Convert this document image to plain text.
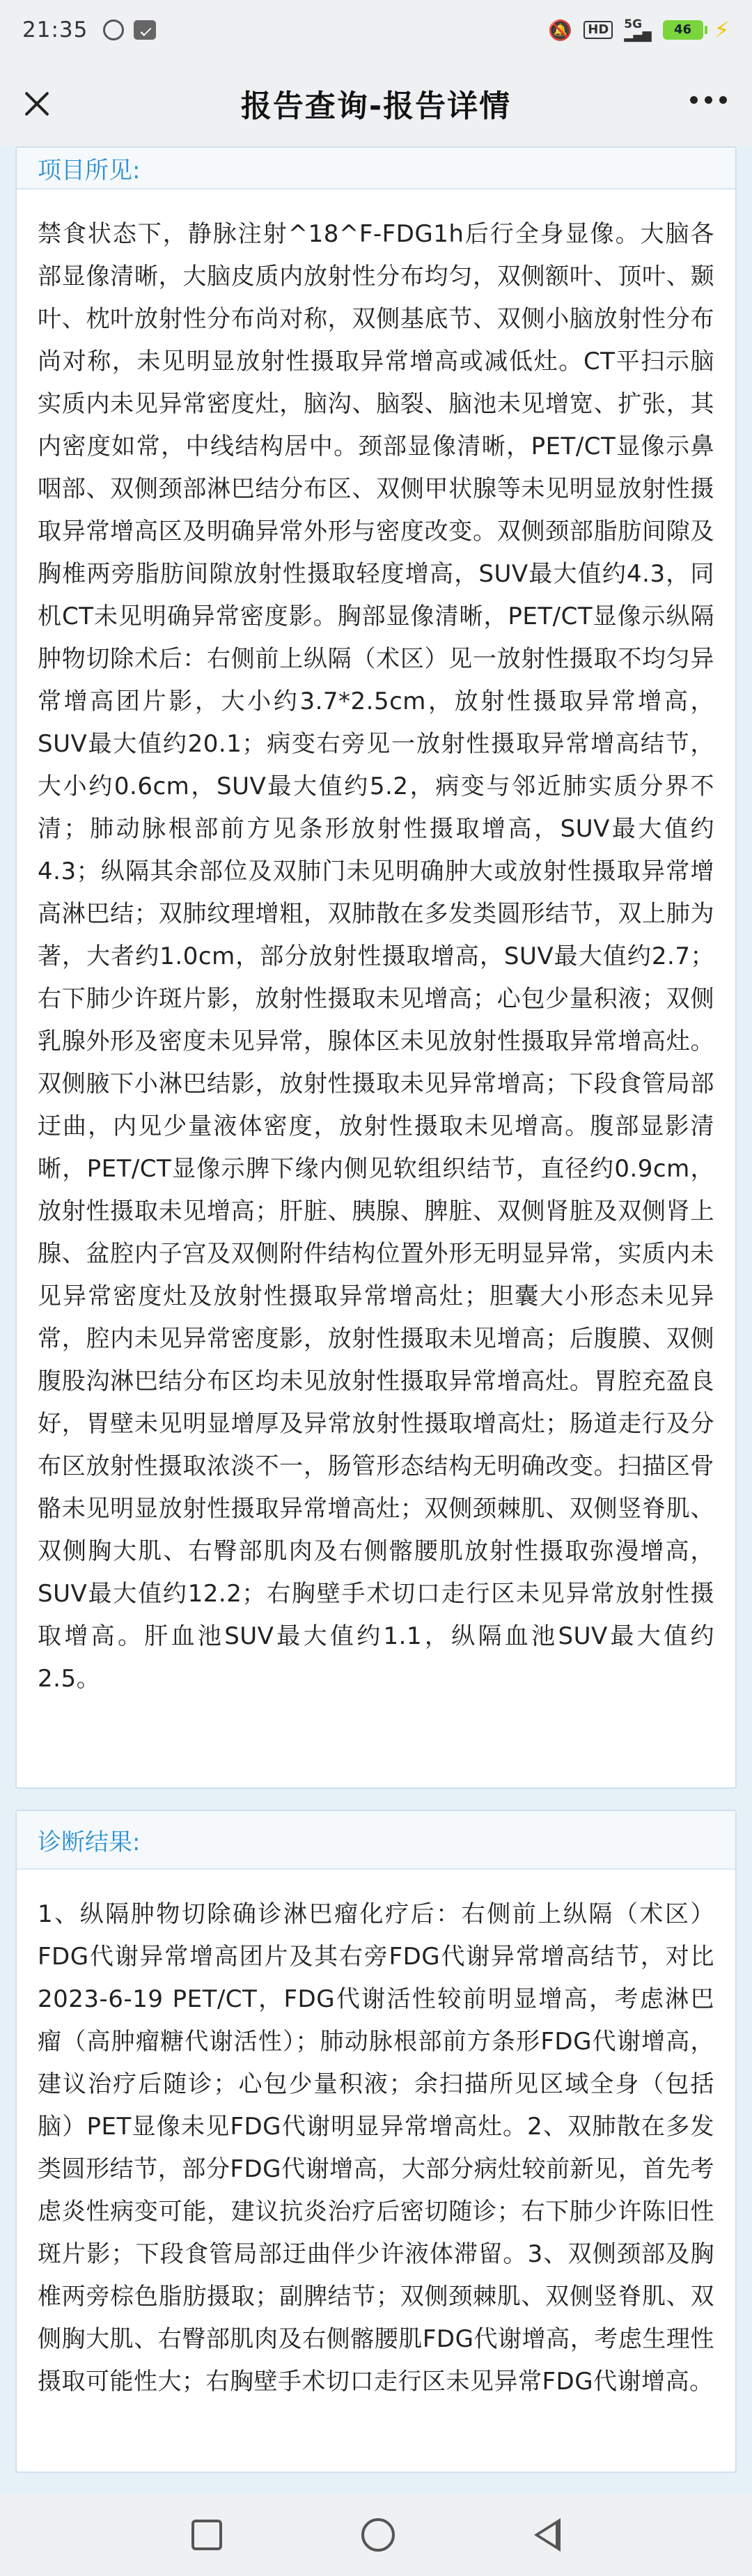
21:35	🔕	HD	5G
▂▄▆	46	⚡
报告查询-报告详情
项目所见:
禁食状态下，静脉注射^18^F-FDG1h后行全身显像。大脑各部显像清晰，大脑皮质内放射性分布均匀，双侧额叶、顶叶、颞叶、枕叶放射性分布尚对称，双侧基底节、双侧小脑放射性分布尚对称，未见明显放射性摄取异常增高或减低灶。CT平扫示脑实质内未见异常密度灶，脑沟、脑裂、脑池未见增宽、扩张，其内密度如常，中线结构居中。颈部显像清晰，PET/CT显像示鼻咽部、双侧颈部淋巴结分布区、双侧甲状腺等未见明显放射性摄取异常增高区及明确异常外形与密度改变。双侧颈部脂肪间隙及胸椎两旁脂肪间隙放射性摄取轻度增高，SUV最大值约4.3，同机CT未见明确异常密度影。胸部显像清晰，PET/CT显像示纵隔肿物切除术后：右侧前上纵隔（术区）见一放射性摄取不均匀异常增高团片影，大小约3.7*2.5cm，放射性摄取异常增高，SUV最大值约20.1；病变右旁见一放射性摄取异常增高结节，大小约0.6cm，SUV最大值约5.2，病变与邻近肺实质分界不清；肺动脉根部前方见条形放射性摄取增高，SUV最大值约4.3；纵隔其余部位及双肺门未见明确肿大或放射性摄取异常增高淋巴结；双肺纹理增粗，双肺散在多发类圆形结节，双上肺为著，大者约1.0cm，部分放射性摄取增高，SUV最大值约2.7；右下肺少许斑片影，放射性摄取未见增高；心包少量积液；双侧乳腺外形及密度未见异常，腺体区未见放射性摄取异常增高灶。双侧腋下小淋巴结影，放射性摄取未见异常增高；下段食管局部迂曲，内见少量液体密度，放射性摄取未见增高。腹部显影清晰，PET/CT显像示脾下缘内侧见软组织结节，直径约0.9cm，放射性摄取未见增高；肝脏、胰腺、脾脏、双侧肾脏及双侧肾上腺、盆腔内子宫及双侧附件结构位置外形无明显异常，实质内未见异常密度灶及放射性摄取异常增高灶；胆囊大小形态未见异常，腔内未见异常密度影，放射性摄取未见增高；后腹膜、双侧腹股沟淋巴结分布区均未见放射性摄取异常增高灶。胃腔充盈良好，胃壁未见明显增厚及异常放射性摄取增高灶；肠道走行及分布区放射性摄取浓淡不一，肠管形态结构无明确改变。扫描区骨骼未见明显放射性摄取异常增高灶；双侧颈棘肌、双侧竖脊肌、双侧胸大肌、右臀部肌肉及右侧髂腰肌放射性摄取弥漫增高，SUV最大值约12.2；右胸壁手术切口走行区未见异常放射性摄取增高。肝血池SUV最大值约1.1，纵隔血池SUV最大值约2.5。
诊断结果:
1、纵隔肿物切除确诊淋巴瘤化疗后：右侧前上纵隔（术区）FDG代谢异常增高团片及其右旁FDG代谢异常增高结节，对比2023-6-19 PET/CT，FDG代谢活性较前明显增高，考虑淋巴瘤（高肿瘤糖代谢活性）；肺动脉根部前方条形FDG代谢增高，建议治疗后随诊；心包少量积液；余扫描所见区域全身（包括脑）PET显像未见FDG代谢明显异常增高灶。2、双肺散在多发类圆形结节，部分FDG代谢增高，大部分病灶较前新见，首先考虑炎性病变可能，建议抗炎治疗后密切随诊；右下肺少许陈旧性斑片影；下段食管局部迂曲伴少许液体滞留。3、双侧颈部及胸椎两旁棕色脂肪摄取；副脾结节；双侧颈棘肌、双侧竖脊肌、双侧胸大肌、右臀部肌肉及右侧髂腰肌FDG代谢增高，考虑生理性摄取可能性大；右胸壁手术切口走行区未见异常FDG代谢增高。
